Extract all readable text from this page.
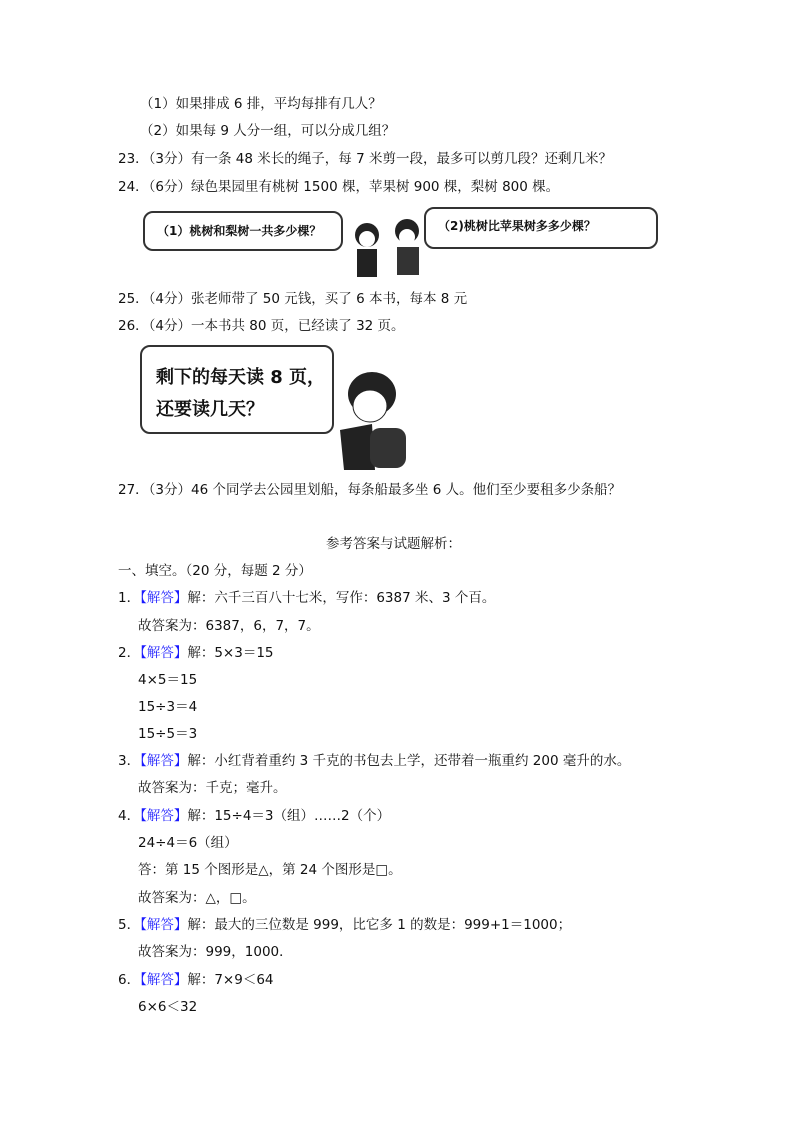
（1）如果排成 6 排，平均每排有几人？
（2）如果每 9 人分一组，可以分成几组？
23．（3分）有一条 48 米长的绳子，每 7 米剪一段，最多可以剪几段？还剩几米？
24．（6分）绿色果园里有桃树 1500 棵，苹果树 900 棵，梨树 800 棵。
（1）桃树和梨树一共多少棵？	（2)桃树比苹果树多多少棵？
25．（4分）张老师带了 50 元钱，买了 6 本书，每本 8 元
26．（4分）一本书共 80 页，已经读了 32 页。
剩下的每天读 8 页，
还要读几天？
27．（3分）46 个同学去公园里划船，每条船最多坐 6 人。他们至少要租多少条船？
参考答案与试题解析：
一、填空。（20 分，每题 2 分）
1．【解答】解：六千三百八十七米，写作：6387 米、3 个百。
故答案为：6387，6，7，7。
2．【解答】解：5×3＝15
4×5＝15
15÷3＝4
15÷5＝3
3．【解答】解：小红背着重约 3 千克的书包去上学，还带着一瓶重约 200 毫升的水。
故答案为：千克；毫升。
4．【解答】解：15÷4＝3（组）……2（个）
24÷4＝6（组）
答：第 15 个图形是△，第 24 个图形是□。
故答案为：△，□。
5．【解答】解：最大的三位数是 999，比它多 1 的数是：999+1＝1000；
故答案为：999，1000．
6．【解答】解：7×9＜64
6×6＜32
